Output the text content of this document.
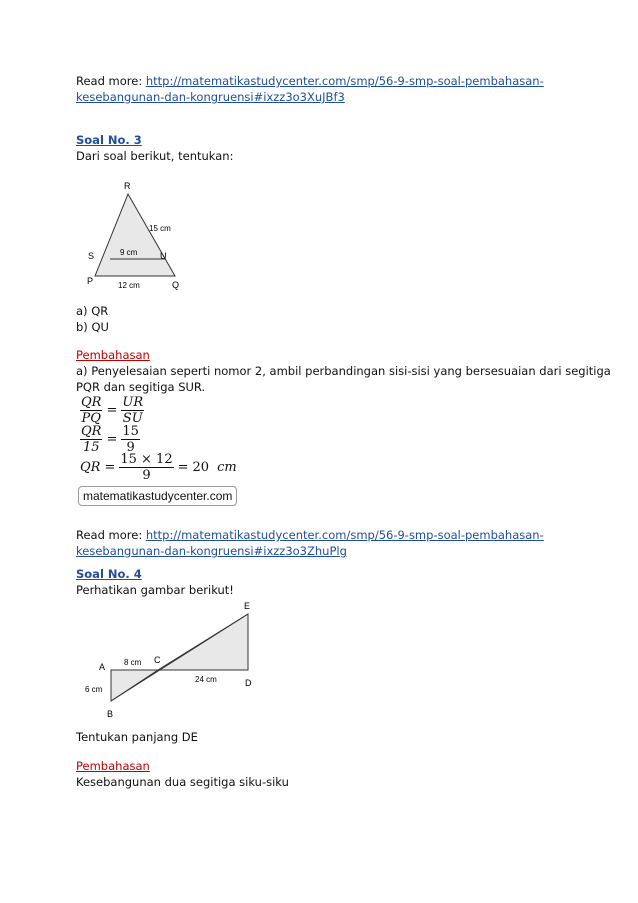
Read more: http://matematikastudycenter.com/smp/56-9-smp-soal-pembahasan-
kesebangunan-dan-kongruensi#ixzz3o3XuJBf3
Soal No. 3
Dari soal berikut, tentukan:
R
S	U
P	Q
15 cm
9 cm
12 cm
a) QR
b) QU
Pembahasan
a) Penyelesaian seperti nomor 2, ambil perbandingan sisi-sisi yang bersesuaian dari segitiga
PQR dan segitiga SUR.
$\frac{QR}{PQ} = \frac{UR}{SU}$
$\frac{QR}{15} = \frac{15}{9}$
QR = $\frac{15 \times 12}{9} = 20$ cm
matematikastudycenter.com
Read more: http://matematikastudycenter.com/smp/56-9-smp-soal-pembahasan-
kesebangunan-dan-kongruensi#ixzz3o3ZhuPlg
Soal No. 4
Perhatikan gambar berikut!
E
A
C
D
B
8 cm
24 cm
6 cm
Tentukan panjang DE
Pembahasan
Kesebangunan dua segitiga siku-siku
